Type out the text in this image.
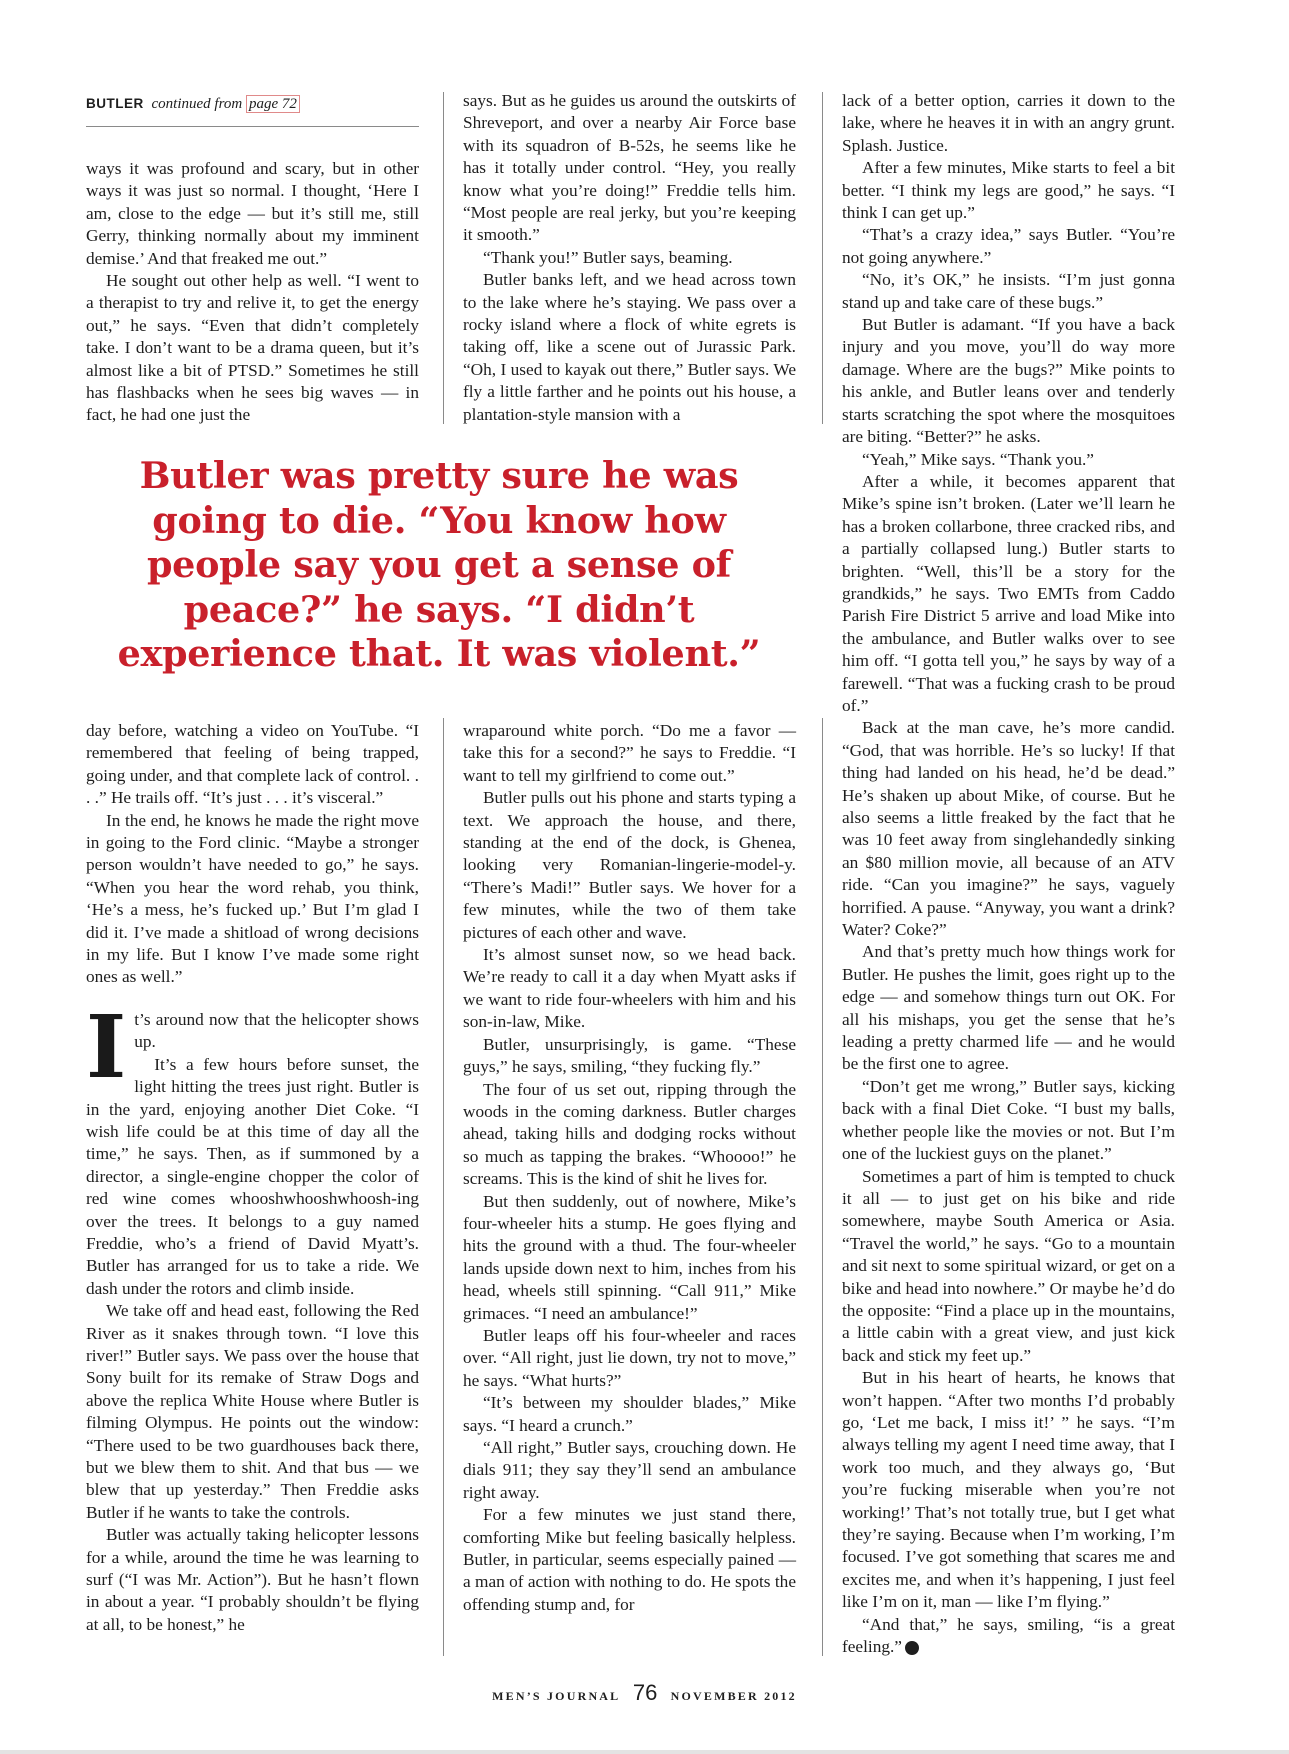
BUTLER continued from page 72

ways it was profound and scary, but in other ways it was just so normal. I thought, ‘Here I am, close to the edge — but it’s still me, still Gerry, thinking normally about my imminent demise.’ And that freaked me out.”

He sought out other help as well. “I went to a therapist to try and relive it, to get the energy out,” he says. “Even that didn’t completely take. I don’t want to be a drama queen, but it’s almost like a bit of PTSD.” Sometimes he still has flashbacks when he sees big waves — in fact, he had one just the

says. But as he guides us around the outskirts of Shreveport, and over a nearby Air Force base with its squadron of B-52s, he seems like he has it totally under control. “Hey, you really know what you’re doing!” Freddie tells him. “Most people are real jerky, but you’re keeping it smooth.”

“Thank you!” Butler says, beaming.

Butler banks left, and we head across town to the lake where he’s staying. We pass over a rocky island where a flock of white egrets is taking off, like a scene out of Jurassic Park. “Oh, I used to kayak out there,” Butler says. We fly a little farther and he points out his house, a plantation-style mansion with a

Butler was pretty sure he was
going to die. “You know how
people say you get a sense of
peace?” he says. “I didn’t
experience that. It was violent.”

day before, watching a video on YouTube. “I remembered that feeling of being trapped, going under, and that complete lack of control. . . .” He trails off. “It’s just . . . it’s visceral.”

In the end, he knows he made the right move in going to the Ford clinic. “Maybe a stronger person wouldn’t have needed to go,” he says. “When you hear the word rehab, you think, ‘He’s a mess, he’s fucked up.’ But I’m glad I did it. I’ve made a shitload of wrong decisions in my life. But I know I’ve made some right ones as well.”

I t’s around now that the helicopter shows up.

It’s a few hours before sunset, the light hitting the trees just right. Butler is in the yard, enjoying another Diet Coke. “I wish life could be at this time of day all the time,” he says. Then, as if summoned by a director, a single-engine chopper the color of red wine comes whooshwhooshwhoosh-ing over the trees. It belongs to a guy named Freddie, who’s a friend of David Myatt’s. Butler has arranged for us to take a ride. We dash under the rotors and climb inside.

We take off and head east, following the Red River as it snakes through town. “I love this river!” Butler says. We pass over the house that Sony built for its remake of Straw Dogs and above the replica White House where Butler is filming Olympus. He points out the window: “There used to be two guardhouses back there, but we blew them to shit. And that bus — we blew that up yesterday.” Then Freddie asks Butler if he wants to take the controls.

Butler was actually taking helicopter lessons for a while, around the time he was learning to surf (“I was Mr. Action”). But he hasn’t flown in about a year. “I probably shouldn’t be flying at all, to be honest,” he

wraparound white porch. “Do me a favor — take this for a second?” he says to Freddie. “I want to tell my girlfriend to come out.”

Butler pulls out his phone and starts typing a text. We approach the house, and there, standing at the end of the dock, is Ghenea, looking very Romanian-lingerie-model-y. “There’s Madi!” Butler says. We hover for a few minutes, while the two of them take pictures of each other and wave.

It’s almost sunset now, so we head back. We’re ready to call it a day when Myatt asks if we want to ride four-wheelers with him and his son-in-law, Mike.

Butler, unsurprisingly, is game. “These guys,” he says, smiling, “they fucking fly.”

The four of us set out, ripping through the woods in the coming darkness. Butler charges ahead, taking hills and dodging rocks without so much as tapping the brakes. “Whoooo!” he screams. This is the kind of shit he lives for.

But then suddenly, out of nowhere, Mike’s four-wheeler hits a stump. He goes flying and hits the ground with a thud. The four-wheeler lands upside down next to him, inches from his head, wheels still spinning. “Call 911,” Mike grimaces. “I need an ambulance!”

Butler leaps off his four-wheeler and races over. “All right, just lie down, try not to move,” he says. “What hurts?”

“It’s between my shoulder blades,” Mike says. “I heard a crunch.”

“All right,” Butler says, crouching down. He dials 911; they say they’ll send an ambulance right away.

For a few minutes we just stand there, comforting Mike but feeling basically helpless. Butler, in particular, seems especially pained — a man of action with nothing to do. He spots the offending stump and, for

lack of a better option, carries it down to the lake, where he heaves it in with an angry grunt. Splash. Justice.

After a few minutes, Mike starts to feel a bit better. “I think my legs are good,” he says. “I think I can get up.”

“That’s a crazy idea,” says Butler. “You’re not going anywhere.”

“No, it’s OK,” he insists. “I’m just gonna stand up and take care of these bugs.”

But Butler is adamant. “If you have a back injury and you move, you’ll do way more damage. Where are the bugs?” Mike points to his ankle, and Butler leans over and tenderly starts scratching the spot where the mosquitoes are biting. “Better?” he asks.

“Yeah,” Mike says. “Thank you.”

After a while, it becomes apparent that Mike’s spine isn’t broken. (Later we’ll learn he has a broken collarbone, three cracked ribs, and a partially collapsed lung.) Butler starts to brighten. “Well, this’ll be a story for the grandkids,” he says. Two EMTs from Caddo Parish Fire District 5 arrive and load Mike into the ambulance, and Butler walks over to see him off. “I gotta tell you,” he says by way of a farewell. “That was a fucking crash to be proud of.”

Back at the man cave, he’s more candid. “God, that was horrible. He’s so lucky! If that thing had landed on his head, he’d be dead.” He’s shaken up about Mike, of course. But he also seems a little freaked by the fact that he was 10 feet away from singlehandedly sinking an $80 million movie, all because of an ATV ride. “Can you imagine?” he says, vaguely horrified. A pause. “Anyway, you want a drink? Water? Coke?”

And that’s pretty much how things work for Butler. He pushes the limit, goes right up to the edge — and somehow things turn out OK. For all his mishaps, you get the sense that he’s leading a pretty charmed life — and he would be the first one to agree.

“Don’t get me wrong,” Butler says, kicking back with a final Diet Coke. “I bust my balls, whether people like the movies or not. But I’m one of the luckiest guys on the planet.”

Sometimes a part of him is tempted to chuck it all — to just get on his bike and ride somewhere, maybe South America or Asia. “Travel the world,” he says. “Go to a mountain and sit next to some spiritual wizard, or get on a bike and head into nowhere.” Or maybe he’d do the opposite: “Find a place up in the mountains, a little cabin with a great view, and just kick back and stick my feet up.”

But in his heart of hearts, he knows that won’t happen. “After two months I’d probably go, ‘Let me back, I miss it!’ ” he says. “I’m always telling my agent I need time away, that I work too much, and they always go, ‘But you’re fucking miserable when you’re not working!’ That’s not totally true, but I get what they’re saying. Because when I’m working, I’m focused. I’ve got something that scares me and excites me, and when it’s happening, I just feel like I’m on it, man — like I’m flying.”

“And that,” he says, smiling, “is a great feeling.”	MJ

MEN’S JOURNAL 76 NOVEMBER 2012
